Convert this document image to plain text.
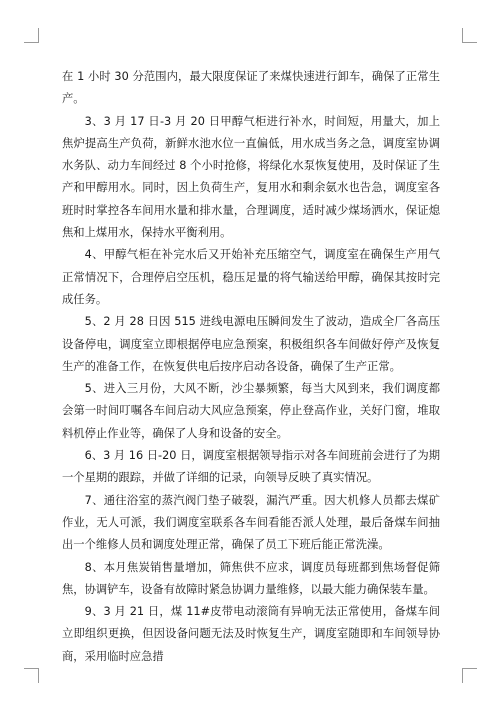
在 1 小时 30 分范围内，最大限度保证了来煤快速进行卸车，确保了正常生产。

3、3 月 17 日-3 月 20 日甲醇气柜进行补水，时间短，用量大，加上焦炉提高生产负荷，新鲜水池水位一直偏低，用水成当务之急，调度室协调水务队、动力车间经过 8 个小时抢修，将绿化水泵恢复使用，及时保证了生产和甲醇用水。同时，因上负荷生产，复用水和剩余氨水也告急，调度室各班时时掌控各车间用水量和排水量，合理调度，适时减少煤场洒水，保证熄焦和上煤用水，保持水平衡利用。

4、甲醇气柜在补完水后又开始补充压缩空气，调度室在确保生产用气正常情况下，合理停启空压机，稳压足量的将气输送给甲醇，确保其按时完成任务。

5、2 月 28 日因 515 进线电源电压瞬间发生了波动，造成全厂各高压设备停电，调度室立即根据停电应急预案，积极组织各车间做好停产及恢复生产的准备工作，在恢复供电后按序启动各设备，确保了生产正常。

5、进入三月份，大风不断，沙尘暴频繁，每当大风到来，我们调度都会第一时间叮嘱各车间启动大风应急预案，停止登高作业，关好门窗，堆取料机停止作业等，确保了人身和设备的安全。

6、3 月 16 日-20 日，调度室根据领导指示对各车间班前会进行了为期一个星期的跟踪，并做了详细的记录，向领导反映了真实情况。

7、通往浴室的蒸汽阀门垫子破裂，漏汽严重。因大机修人员都去煤矿作业，无人可派，我们调度室联系各车间看能否派人处理，最后备煤车间抽出一个维修人员和调度处理正常，确保了员工下班后能正常洗澡。

8、本月焦炭销售量增加，筛焦供不应求，调度员每班都到焦场督促筛焦，协调铲车，设备有故障时紧急协调力量维修，以最大能力确保装车量。

9、3 月 21 日，煤 11#皮带电动滚筒有异响无法正常使用，备煤车间立即组织更换，但因设备问题无法及时恢复生产，调度室随即和车间领导协商，采用临时应急措
